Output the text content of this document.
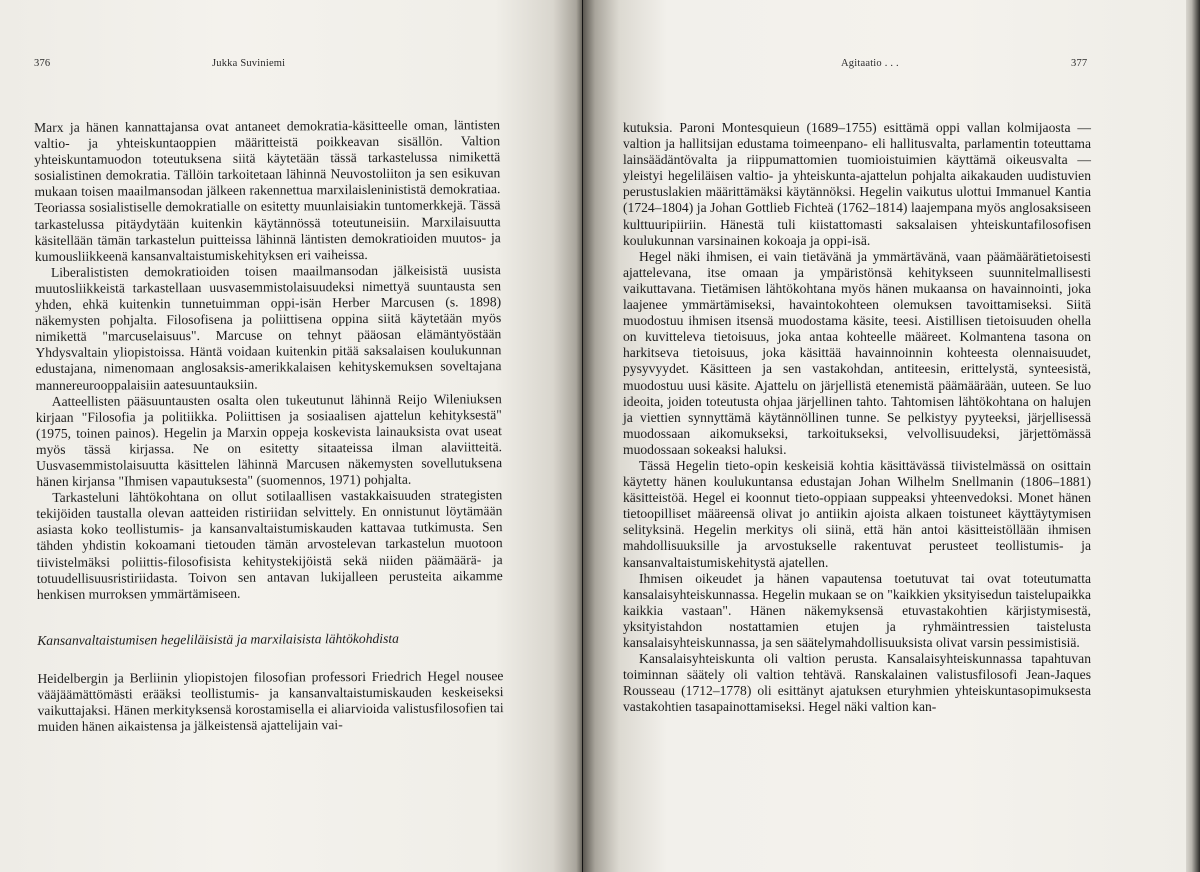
376	Jukka Suviniemi

Marx ja hänen kannattajansa ovat antaneet demokratia-käsitteelle oman, läntisten valtio- ja yhteiskuntaoppien määritteistä poikkeavan sisällön. Valtion yhteiskuntamuodon toteutuksena siitä käytetään tässä tarkastelussa nimikettä sosialistinen demokratia. Tällöin tarkoitetaan lähinnä Neuvostoliiton ja sen esikuvan mukaan toisen maailmansodan jälkeen rakennettua marxilaisleninististä demokratiaa. Teoriassa sosialistiselle demokratialle on esitetty muunlaisiakin tuntomerkkejä. Tässä tarkastelussa pitäydytään kuitenkin käytännössä toteutuneisiin. Marxilaisuutta käsitellään tämän tarkastelun puitteissa lähinnä läntisten demokratioiden muutos- ja kumousliikkeenä kansanvaltaistumiskehityksen eri vaiheissa.

Liberalististen demokratioiden toisen maailmansodan jälkeisistä uusista muutosliikkeistä tarkastellaan uusvasemmistolaisuudeksi nimettyä suuntausta sen yhden, ehkä kuitenkin tunnetuimman oppi-isän Herber Marcusen (s. 1898) näkemysten pohjalta. Filosofisena ja poliittisena oppina siitä käytetään myös nimikettä "marcuselaisuus". Marcuse on tehnyt pääosan elämäntyöstään Yhdysvaltain yliopistoissa. Häntä voidaan kuitenkin pitää saksalaisen koulukunnan edustajana, nimenomaan anglosaksis-amerikkalaisen kehityskemuksen soveltajana mannereurooppalaisiin aatesuuntauksiin.

Aatteellisten pääsuuntausten osalta olen tukeutunut lähinnä Reijo Wileniuksen kirjaan "Filosofia ja politiikka. Poliittisen ja sosiaalisen ajattelun kehityksestä" (1975, toinen painos). Hegelin ja Marxin oppeja koskevista lainauksista ovat useat myös tässä kirjassa. Ne on esitetty sitaateissa ilman alaviitteitä. Uusvasemmistolaisuutta käsittelen lähinnä Marcusen näkemysten sovellutuksena hänen kirjansa "Ihmisen vapautuksesta" (suomennos, 1971) pohjalta.

Tarkasteluni lähtökohtana on ollut sotilaallisen vastakkaisuuden strategisten tekijöiden taustalla olevan aatteiden ristiriidan selvittely. En onnistunut löytämään asiasta koko teollistumis- ja kansanvaltaistumiskauden kattavaa tutkimusta. Sen tähden yhdistin kokoamani tietouden tämän arvostelevan tarkastelun muotoon tiivistelmäksi poliittis-filosofisista kehitystekijöistä sekä niiden päämäärä- ja totuudellisuusristiriidasta. Toivon sen antavan lukijalleen perusteita aikamme henkisen murroksen ymmärtämiseen.

Kansanvaltaistumisen hegeliläisistä ja marxilaisista lähtökohdista

Heidelbergin ja Berliinin yliopistojen filosofian professori Friedrich Hegel nousee vääjäämättömästi erääksi teollistumis- ja kansanvaltaistumiskauden keskeiseksi vaikuttajaksi. Hänen merkityksensä korostamisella ei aliarvioida valistusfilosofien tai muiden hänen aikaistensa ja jälkeistensä ajattelijain vai-

Agitaatio . . .	377

kutuksia. Paroni Montesquieun (1689–1755) esittämä oppi vallan kolmijaosta — valtion ja hallitsijan edustama toimeenpano- eli hallitusvalta, parlamentin toteuttama lainsäädäntövalta ja riippumattomien tuomioistuimien käyttämä oikeusvalta — yleistyi hegeliläisen valtio- ja yhteiskunta-ajattelun pohjalta aikakauden uudistuvien perustuslakien määrittämäksi käytännöksi. Hegelin vaikutus ulottui Immanuel Kantia (1724–1804) ja Johan Gottlieb Fichteä (1762–1814) laajempana myös anglosaksiseen kulttuuripiiriin. Hänestä tuli kiistattomasti saksalaisen yhteiskuntafilosofisen koulukunnan varsinainen kokoaja ja oppi-isä.

Hegel näki ihmisen, ei vain tietävänä ja ymmärtävänä, vaan päämäärätietoisesti ajattelevana, itse omaan ja ympäristönsä kehitykseen suunnitelmallisesti vaikuttavana. Tietämisen lähtökohtana myös hänen mukaansa on havainnointi, joka laajenee ymmärtämiseksi, havaintokohteen olemuksen tavoittamiseksi. Siitä muodostuu ihmisen itsensä muodostama käsite, teesi. Aistillisen tietoisuuden ohella on kuvitteleva tietoisuus, joka antaa kohteelle määreet. Kolmantena tasona on harkitseva tietoisuus, joka käsittää havainnoinnin kohteesta olennaisuudet, pysyvyydet. Käsitteen ja sen vastakohdan, antiteesin, erittelystä, synteesistä, muodostuu uusi käsite. Ajattelu on järjellistä etenemistä päämäärään, uuteen. Se luo ideoita, joiden toteutusta ohjaa järjellinen tahto. Tahtomisen lähtökohtana on halujen ja viettien synnyttämä käytännöllinen tunne. Se pelkistyy pyyteeksi, järjellisessä muodossaan aikomukseksi, tarkoitukseksi, velvollisuudeksi, järjettömässä muodossaan sokeaksi haluksi.

Tässä Hegelin tieto-opin keskeisiä kohtia käsittävässä tiivistelmässä on osittain käytetty hänen koulukuntansa edustajan Johan Wilhelm Snellmanin (1806–1881) käsitteistöä. Hegel ei koonnut tieto-oppiaan suppeaksi yhteenvedoksi. Monet hänen tietoopilliset määreensä olivat jo antiikin ajoista alkaen toistuneet käyttäytymisen selityksinä. Hegelin merkitys oli siinä, että hän antoi käsitteistöllään ihmisen mahdollisuuksille ja arvostukselle rakentuvat perusteet teollistumis- ja kansanvaltaistumiskehitystä ajatellen.

Ihmisen oikeudet ja hänen vapautensa toetutuvat tai ovat toteutumatta kansalaisyhteiskunnassa. Hegelin mukaan se on "kaikkien yksityisedun taistelupaikka kaikkia vastaan". Hänen näkemyksensä etuvastakohtien kärjistymisestä, yksityistahdon nostattamien etujen ja ryhmäintressien taistelusta kansalaisyhteiskunnassa, ja sen säätelymahdollisuuksista olivat varsin pessimistisiä.

Kansalaisyhteiskunta oli valtion perusta. Kansalaisyhteiskunnassa tapahtuvan toiminnan säätely oli valtion tehtävä. Ranskalainen valistusfilosofi Jean-Jaques Rousseau (1712–1778) oli esittänyt ajatuksen eturyhmien yhteiskuntasopimuksesta vastakohtien tasapainottamiseksi. Hegel näki valtion kan-
